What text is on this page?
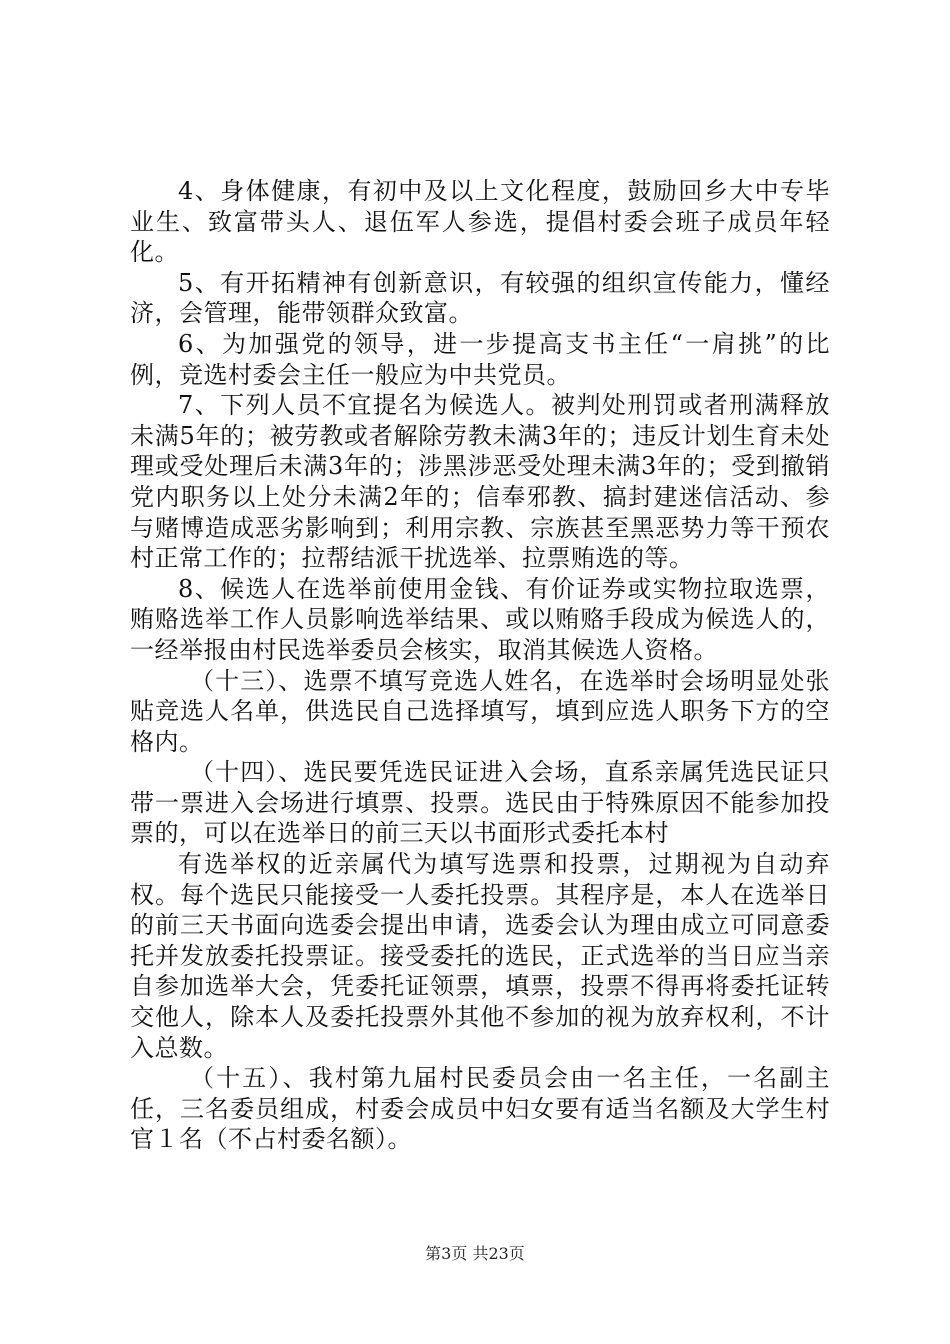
4、身体健康，有初中及以上文化程度，鼓励回乡大中专毕业生、致富带头人、退伍军人参选，提倡村委会班子成员年轻化。

5、有开拓精神有创新意识，有较强的组织宣传能力，懂经济，会管理，能带领群众致富。

6、为加强党的领导，进一步提高支书主任“一肩挑”的比例，竞选村委会主任一般应为中共党员。

7、下列人员不宜提名为候选人。被判处刑罚或者刑满释放未满5年的；被劳教或者解除劳教未满3年的；违反计划生育未处理或受处理后未满3年的；涉黑涉恶受处理未满3年的；受到撤销党内职务以上处分未满2年的；信奉邪教、搞封建迷信活动、参与赌博造成恶劣影响到；利用宗教、宗族甚至黑恶势力等干预农村正常工作的；拉帮结派干扰选举、拉票贿选的等。

8、候选人在选举前使用金钱、有价证券或实物拉取选票，贿赂选举工作人员影响选举结果、或以贿赂手段成为候选人的，一经举报由村民选举委员会核实，取消其候选人资格。

（十三）、选票不填写竞选人姓名，在选举时会场明显处张贴竞选人名单，供选民自己选择填写，填到应选人职务下方的空格内。

（十四）、选民要凭选民证进入会场，直系亲属凭选民证只带一票进入会场进行填票、投票。选民由于特殊原因不能参加投票的，可以在选举日的前三天以书面形式委托本村

有选举权的近亲属代为填写选票和投票，过期视为自动弃权。每个选民只能接受一人委托投票。其程序是，本人在选举日的前三天书面向选委会提出申请，选委会认为理由成立可同意委托并发放委托投票证。接受委托的选民，正式选举的当日应当亲自参加选举大会，凭委托证领票，填票，投票不得再将委托证转交他人，除本人及委托投票外其他不参加的视为放弃权利，不计入总数。

（十五）、我村第九届村民委员会由一名主任，一名副主任，三名委员组成，村委会成员中妇女要有适当名额及大学生村官１名（不占村委名额）。

第3页 共23页
